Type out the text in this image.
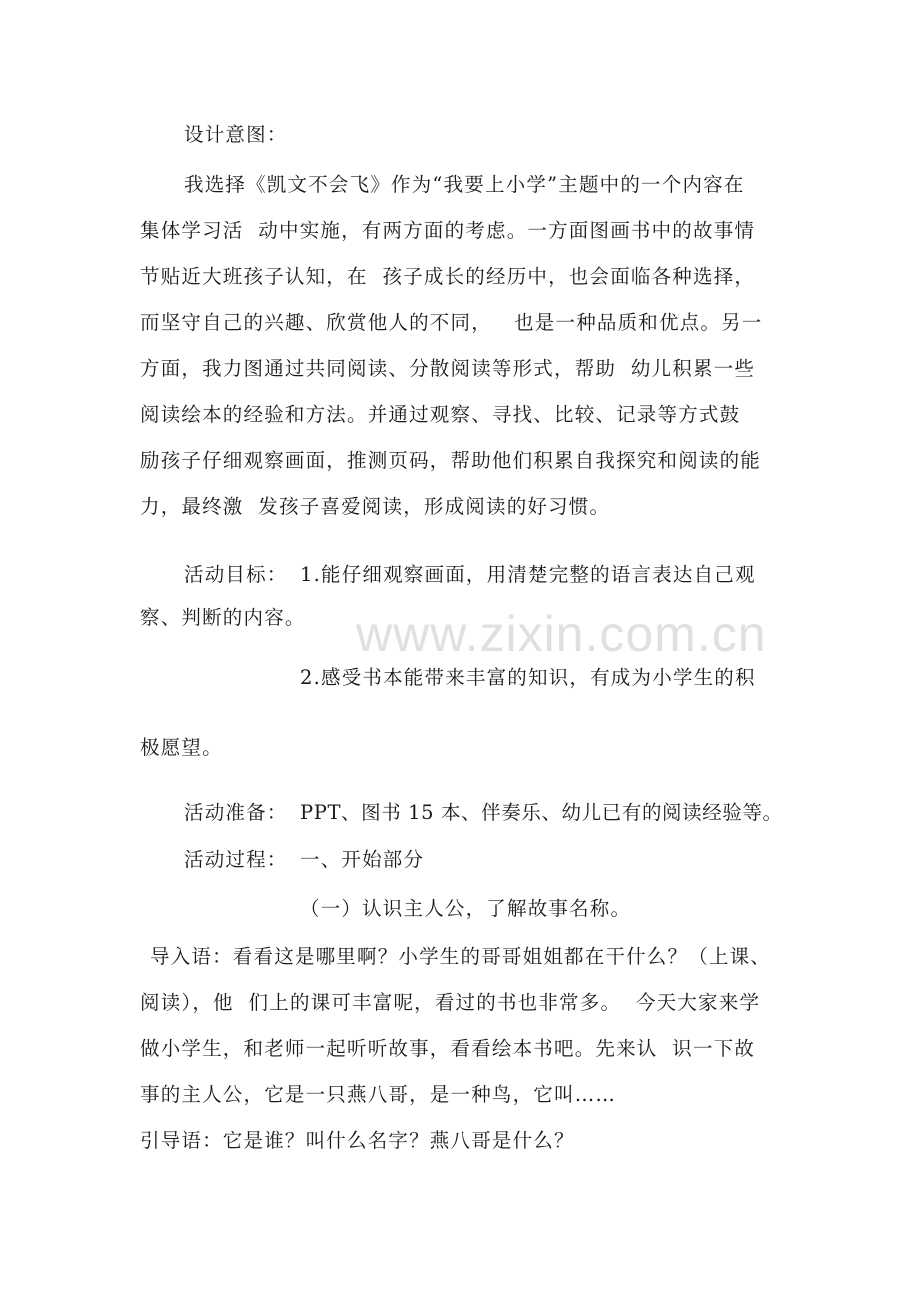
设计意图：
我选择《凯文不会飞》作为“我要上小学”主题中的一个内容在
集体学习活  动中实施，有两方面的考虑。一方面图画书中的故事情
节贴近大班孩子认知，在  孩子成长的经历中，也会面临各种选择，
而坚守自己的兴趣、欣赏他人的不同，   也是一种品质和优点。另一
方面，我力图通过共同阅读、分散阅读等形式，帮助  幼儿积累一些
阅读绘本的经验和方法。并通过观察、寻找、比较、记录等方式鼓
励孩子仔细观察画面，推测页码，帮助他们积累自我探究和阅读的能
力，最终激  发孩子喜爱阅读，形成阅读的好习惯。
活动目标： 1.能仔细观察画面，用清楚完整的语言表达自己观
察、判断的内容。
2.感受书本能带来丰富的知识，有成为小学生的积
极愿望。
活动准备： PPT、图书 15 本、伴奏乐、幼儿已有的阅读经验等。
活动过程： 一、开始部分
（一）认识主人公，了解故事名称。
导入语：看看这是哪里啊？小学生的哥哥姐姐都在干什么？（上课、
阅读），他  们上的课可丰富呢，看过的书也非常多。  今天大家来学
做小学生，和老师一起听听故事，看看绘本书吧。先来认  识一下故
事的主人公，它是一只燕八哥，是一种鸟，它叫……
引导语：它是谁？叫什么名字？燕八哥是什么？
www.zixin.com.cn
